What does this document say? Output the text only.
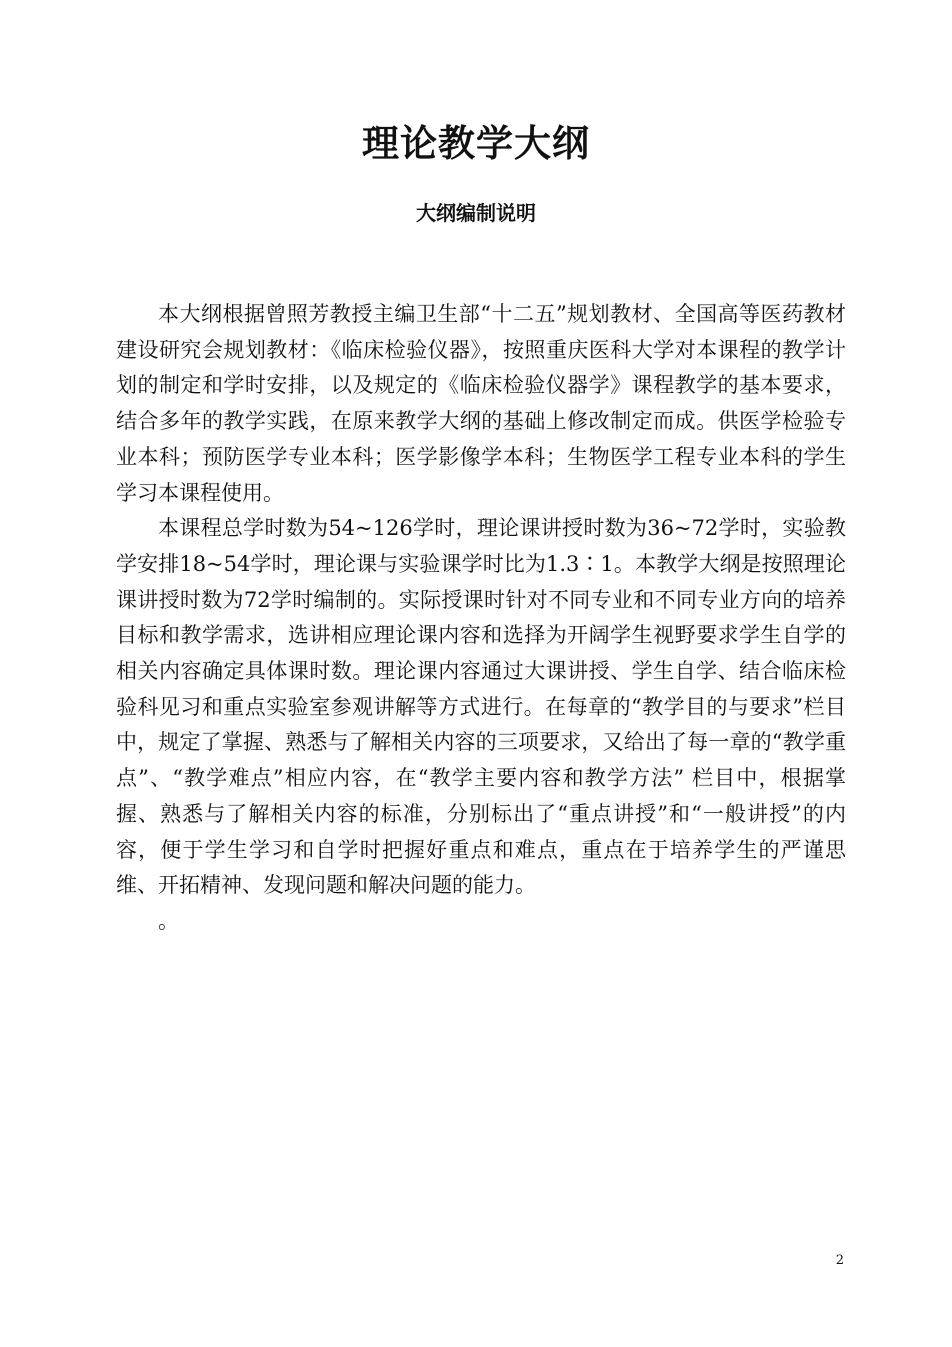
理论教学大纲
大纲编制说明

本大纲根据曾照芳教授主编卫生部“十二五”规划教材、全国高等医药教材建设研究会规划教材：《临床检验仪器》，按照重庆医科大学对本课程的教学计划的制定和学时安排，以及规定的《临床检验仪器学》课程教学的基本要求，结合多年的教学实践，在原来教学大纲的基础上修改制定而成。供医学检验专业本科；预防医学专业本科；医学影像学本科；生物医学工程专业本科的学生学习本课程使用。

本课程总学时数为54~126学时，理论课讲授时数为36~72学时，实验教学安排18~54学时，理论课与实验课学时比为1.3∶1。本教学大纲是按照理论课讲授时数为72学时编制的。实际授课时针对不同专业和不同专业方向的培养目标和教学需求，选讲相应理论课内容和选择为开阔学生视野要求学生自学的相关内容确定具体课时数。理论课内容通过大课讲授、学生自学、结合临床检验科见习和重点实验室参观讲解等方式进行。在每章的“教学目的与要求”栏目中，规定了掌握、熟悉与了解相关内容的三项要求，又给出了每一章的“教学重点”、“教学难点”相应内容，在“教学主要内容和教学方法” 栏目中，根据掌握、熟悉与了解相关内容的标准，分别标出了“重点讲授”和“一般讲授”的内容，便于学生学习和自学时把握好重点和难点，重点在于培养学生的严谨思维、开拓精神、发现问题和解决问题的能力。

。

2
